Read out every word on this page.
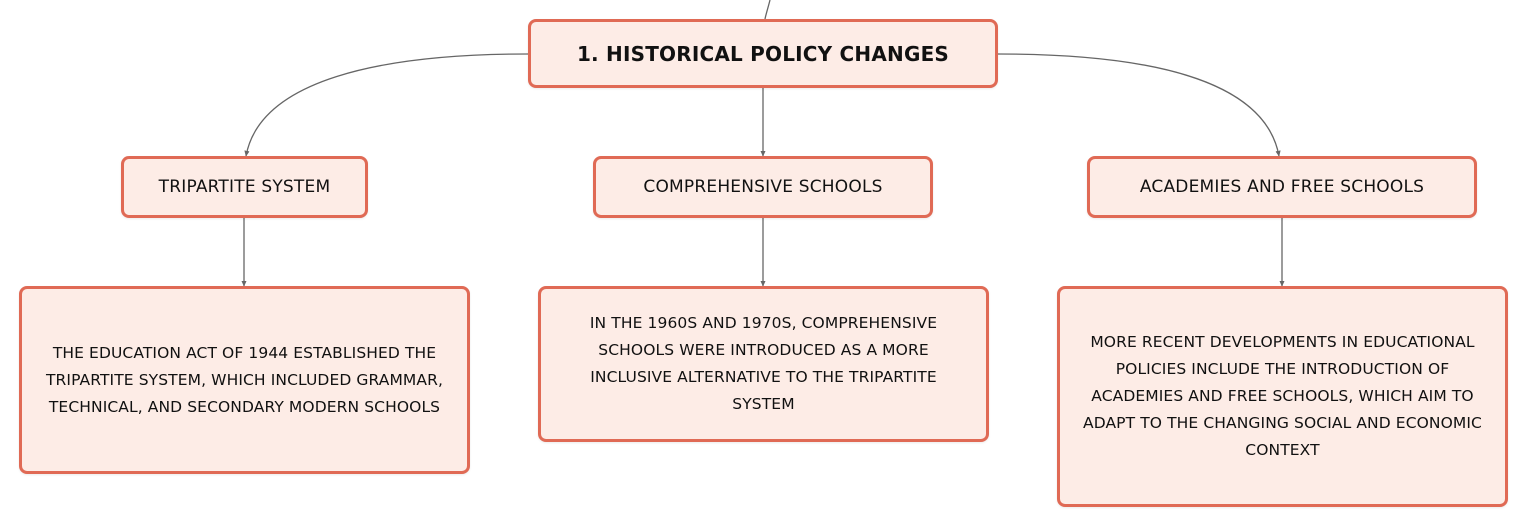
1. HISTORICAL POLICY CHANGES
TRIPARTITE SYSTEM	COMPREHENSIVE SCHOOLS	ACADEMIES AND FREE SCHOOLS
THE EDUCATION ACT OF 1944 ESTABLISHED THE TRIPARTITE SYSTEM, WHICH INCLUDED GRAMMAR, TECHNICAL, AND SECONDARY MODERN SCHOOLS
IN THE 1960S AND 1970S, COMPREHENSIVE SCHOOLS WERE INTRODUCED AS A MORE INCLUSIVE ALTERNATIVE TO THE TRIPARTITE SYSTEM
MORE RECENT DEVELOPMENTS IN EDUCATIONAL POLICIES INCLUDE THE INTRODUCTION OF ACADEMIES AND FREE SCHOOLS, WHICH AIM TO ADAPT TO THE CHANGING SOCIAL AND ECONOMIC CONTEXT
